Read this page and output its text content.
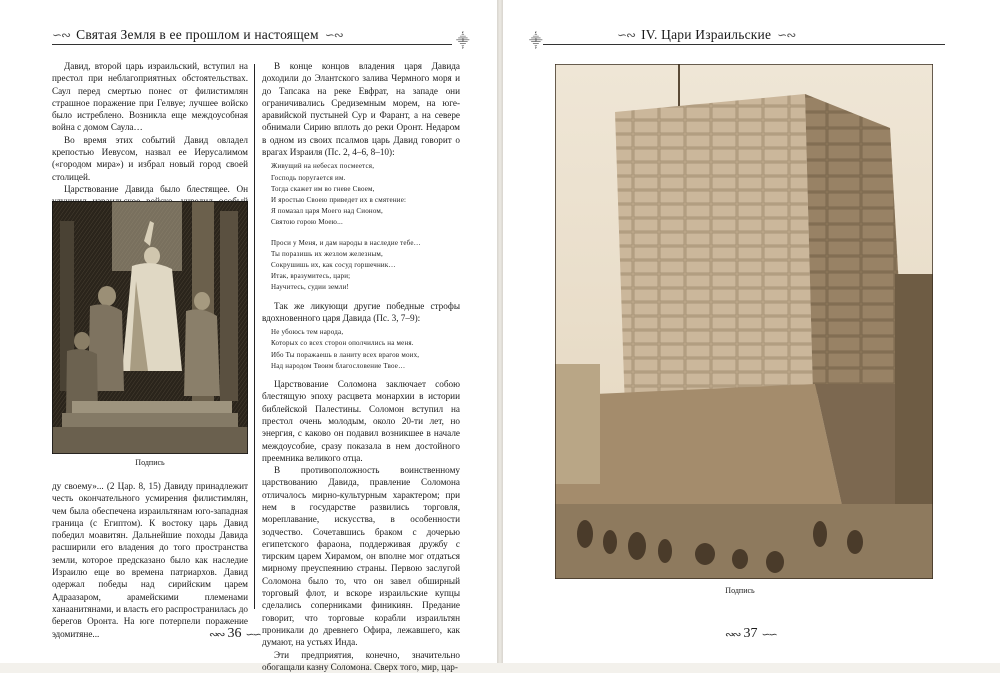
∽∾ Святая Земля в ее прошлом и настоящем ∽∾	⸎	⸎	∽∾ IV. Цари Израильские ∽∾

Давид, второй царь израильский, вступил на престол при неблагоприятных обстоятельствах. Саул перед смертью понес от филистимлян страшное поражение при Гелвуе; лучшее войско было истреблено. Возникла еще междоусобная война с домом Саула…

Во время этих событий Давид овладел крепостью Иевусом, назвал ее Иерусалимом («городом мира») и избрал новый город своей столицей.

Царствование Давида было блестящее. Он

Подпись

ду своему»... (2 Цар. 8, 15) Давиду принадлежит честь окончательного усмирения филистимлян, чем была обеспечена израильтянам юго-западная граница (с Египтом). К востоку царь Давид победил моавитян. Дальнейшие походы Давида расширили его владения до того пространства земли, которое предсказано было как наследие Израилю еще во времена патриархов. Давид одержал победы над сирийским царем Адраазаром, арамейскими племенами ханаанитянами, и власть его распространилась до берегов Оронта. На юге потерпели поражение эдомитяне...

В конце концов владения царя Давида доходили до Элантского залива Чермного моря и до Тапсака на реке Евфрат, на западе они ограничивались Средиземным морем, на юге-аравийской пустыней Сур и Фарант, а на севере обнимали Сирию вплоть до реки Оронт. Недаром в одном из своих псалмов царь Давид говорит о врагах Израиля (Пс. 2, 4–6, 8–10):

Живущий на небесах посмеется,
Господь поругается им.
Тогда скажет им во гневе Своем,
И яростью Своею приведет их в смятение:
Я помазал царя Моего над Сионом,
Святою горою Моею...
Проси у Меня, и дам народы в наследие тебе…
Ты поразишь их жезлом железным,
Сокрушишь их, как сосуд горшечник…
Итак, вразумитесь, цари;
Научитесь, судии земли!

Так же ликующи другие победные строфы вдохновенного царя Давида (Пс. 3, 7–9):

Не убоюсь тем народа,
Которых со всех сторон ополчились на меня.
Ибо Ты поражаешь в ланиту всех врагов моих,
Над народом Твоим благословение Твое…

Царствование Соломона заключает собою блестящую эпоху расцвета монархии в истории библейской Палестины. Соломон вступил на престол очень молодым, около 20-ти лет, но энергия, с каково он подавил возникшее в начале междоусобие, сразу показала в нем достойного преемника великого отца.

В противоположность воинственному царствованию Давида, правление Соломона отличалось мирно-культурным характером; при нем в государстве развились торговля, мореплавание, искусства, в особенности зодчество. Сочетавшись браком с дочерью египетского фараона, поддерживая дружбу с тирским царем Хирамом, он вполне мог отдаться мирному преуспеянию страны. Первою заслугой Соломона было то, что он завел обширный торговый флот, и вскоре израильские купцы сделались соперниками финикиян. Предание говорит, что торговые корабли израильтян проникали до древнего Офира, лежавшего, как думают, на устьях Инда.

Эти предприятия, конечно, значительно обогащали казну Соломона. Сверх того, мир, цар-

Подпись
∾∾ 36 ∽∽	∾∾ 37 ∽∽
